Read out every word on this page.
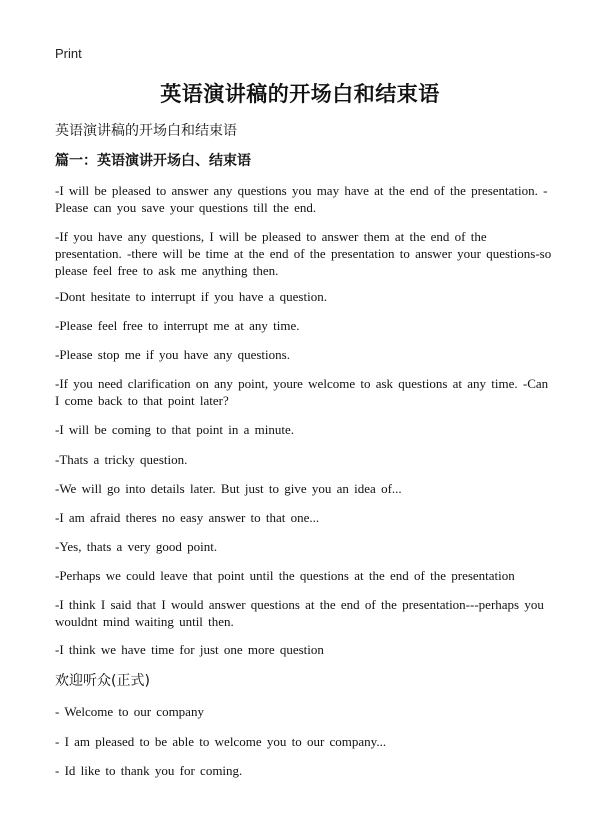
Print
英语演讲稿的开场白和结束语
英语演讲稿的开场白和结束语
篇一：英语演讲开场白、结束语
-I will be pleased to answer any questions you may have at the end of the presentation. -Please can you save your questions till the end.
-If you have any questions, I will be pleased to answer them at the end of the presentation. -there will be time at the end of the presentation to answer your questions-so please feel free to ask me anything then.
-Dont hesitate to interrupt if you have a question.
-Please feel free to interrupt me at any time.
-Please stop me if you have any questions.
-If you need clarification on any point, youre welcome to ask questions at any time. -Can I come back to that point later?
-I will be coming to that point in a minute.
-Thats a tricky question.
-We will go into details later. But just to give you an idea of...
-I am afraid theres no easy answer to that one...
-Yes, thats a very good point.
-Perhaps we could leave that point until the questions at the end of the presentation
-I think I said that I would answer questions at the end of the presentation---perhaps you wouldnt mind waiting until then.
-I think we have time for just one more question
欢迎听众(正式)
- Welcome to our company
- I am pleased to be able to welcome you to our company...
- Id like to thank you for coming.
